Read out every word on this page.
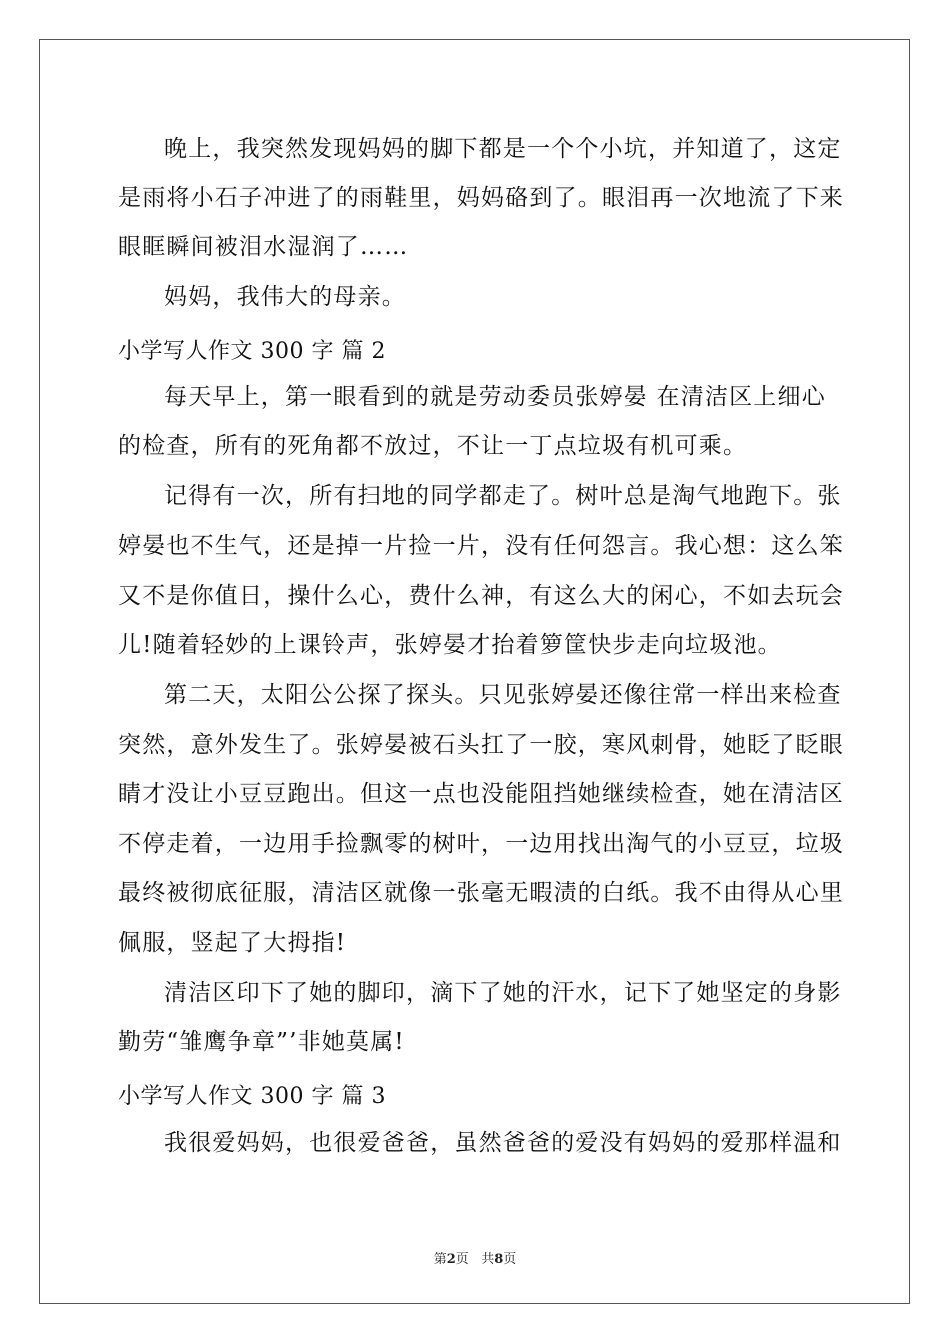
晚上，我突然发现妈妈的脚下都是一个个小坑，并知道了，这定
是雨将小石子冲进了的雨鞋里，妈妈硌到了。眼泪再一次地流了下来
眼眶瞬间被泪水湿润了……
妈妈，我伟大的母亲。
小学写人作文 300 字 篇 2
每天早上，第一眼看到的就是劳动委员张婷晏 在清洁区上细心
的检查，所有的死角都不放过，不让一丁点垃圾有机可乘。
记得有一次，所有扫地的同学都走了。树叶总是淘气地跑下。张
婷晏也不生气，还是掉一片捡一片，没有任何怨言。我心想：这么笨
又不是你值日，操什么心，费什么神，有这么大的闲心，不如去玩会
儿!随着轻妙的上课铃声，张婷晏才抬着箩筐快步走向垃圾池。
第二天，太阳公公探了探头。只见张婷晏还像往常一样出来检查
突然，意外发生了。张婷晏被石头扛了一胶，寒风刺骨，她眨了眨眼
睛才没让小豆豆跑出。但这一点也没能阻挡她继续检查，她在清洁区
不停走着，一边用手捡飘零的树叶，一边用找出淘气的小豆豆，垃圾
最终被彻底征服，清洁区就像一张毫无暇渍的白纸。我不由得从心里
佩服，竖起了大拇指!
清洁区印下了她的脚印，滴下了她的汗水，记下了她坚定的身影
勤劳“雏鹰争章”’非她莫属!
小学写人作文 300 字 篇 3
我很爱妈妈，也很爱爸爸，虽然爸爸的爱没有妈妈的爱那样温和
第2页   共8页
